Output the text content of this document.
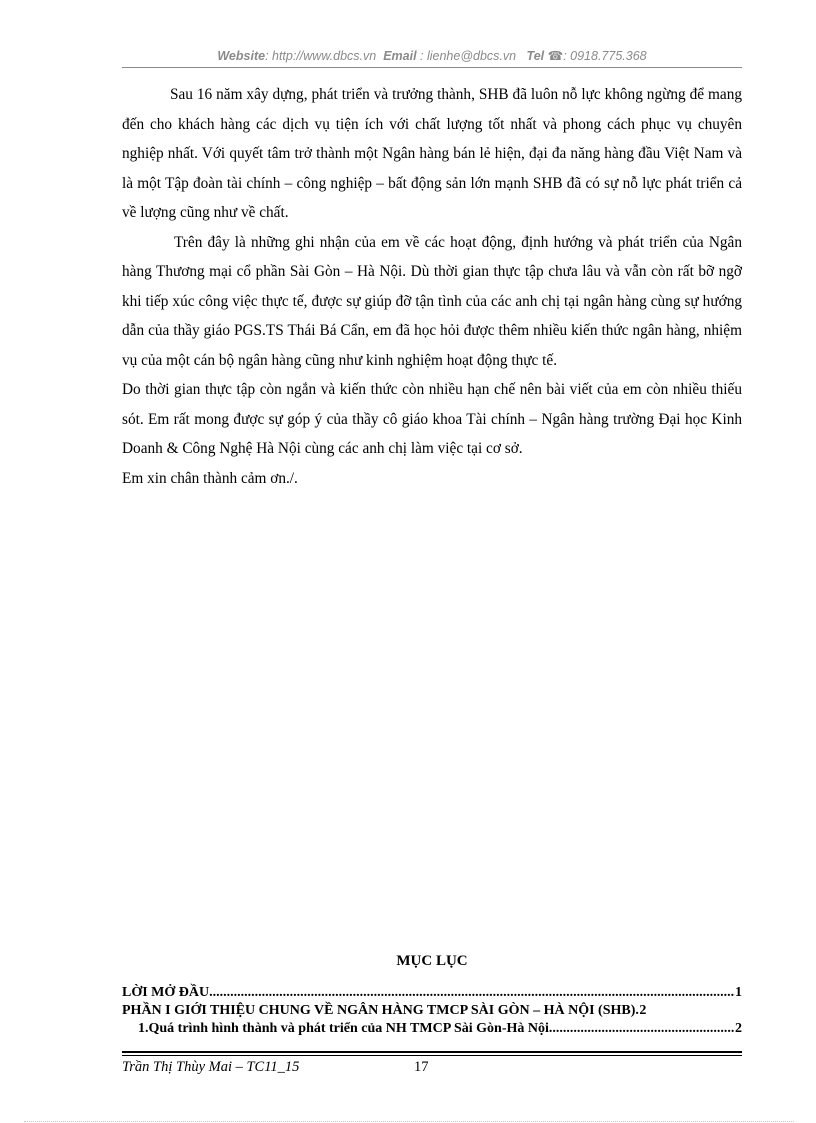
Website: http://www.dbcs.vn Email : lienhe@dbcs.vn Tel ☎: 0918.775.368

Sau 16 năm xây dựng, phát triển và trưởng thành, SHB đã luôn nỗ lực không ngừng để mang đến cho khách hàng các dịch vụ tiện ích với chất lượng tốt nhất và phong cách phục vụ chuyên nghiệp nhất. Với quyết tâm trở thành một Ngân hàng bán lẻ hiện, đại đa năng hàng đầu Việt Nam và là một Tập đoàn tài chính – công nghiệp – bất động sản lớn mạnh SHB đã có sự nỗ lực phát triển cả về lượng cũng như về chất.

Trên đây là những ghi nhận của em về các hoạt động, định hướng và phát triển của Ngân hàng Thương mại cổ phần Sài Gòn – Hà Nội. Dù thời gian thực tập chưa lâu và vẫn còn rất bỡ ngỡ khi tiếp xúc công việc thực tế, được sự giúp đỡ tận tình của các anh chị tại ngân hàng cùng sự hướng dẫn của thầy giáo PGS.TS Thái Bá Cẩn, em đã học hỏi được thêm nhiều kiến thức ngân hàng, nhiệm vụ của một cán bộ ngân hàng cũng như kinh nghiệm hoạt động thực tế.

Do thời gian thực tập còn ngắn và kiến thức còn nhiều hạn chế nên bài viết của em còn nhiều thiếu sót. Em rất mong được sự góp ý của thầy cô giáo khoa Tài chính – Ngân hàng trường Đại học Kinh Doanh & Công Nghệ Hà Nội cùng các anh chị làm việc tại cơ sở.

Em xin chân thành cảm ơn./.

MỤC LỤC
LỜI MỞ ĐẦU .....	1
PHẦN I GIỚI THIỆU CHUNG VỀ NGÂN HÀNG TMCP SÀI GÒN – HÀ NỘI (SHB) ..... 2
1.Quá trình hình thành và phát triển của NH TMCP Sài Gòn-Hà Nội .....	2
Trần Thị Thùy Mai – TC11_15	17
